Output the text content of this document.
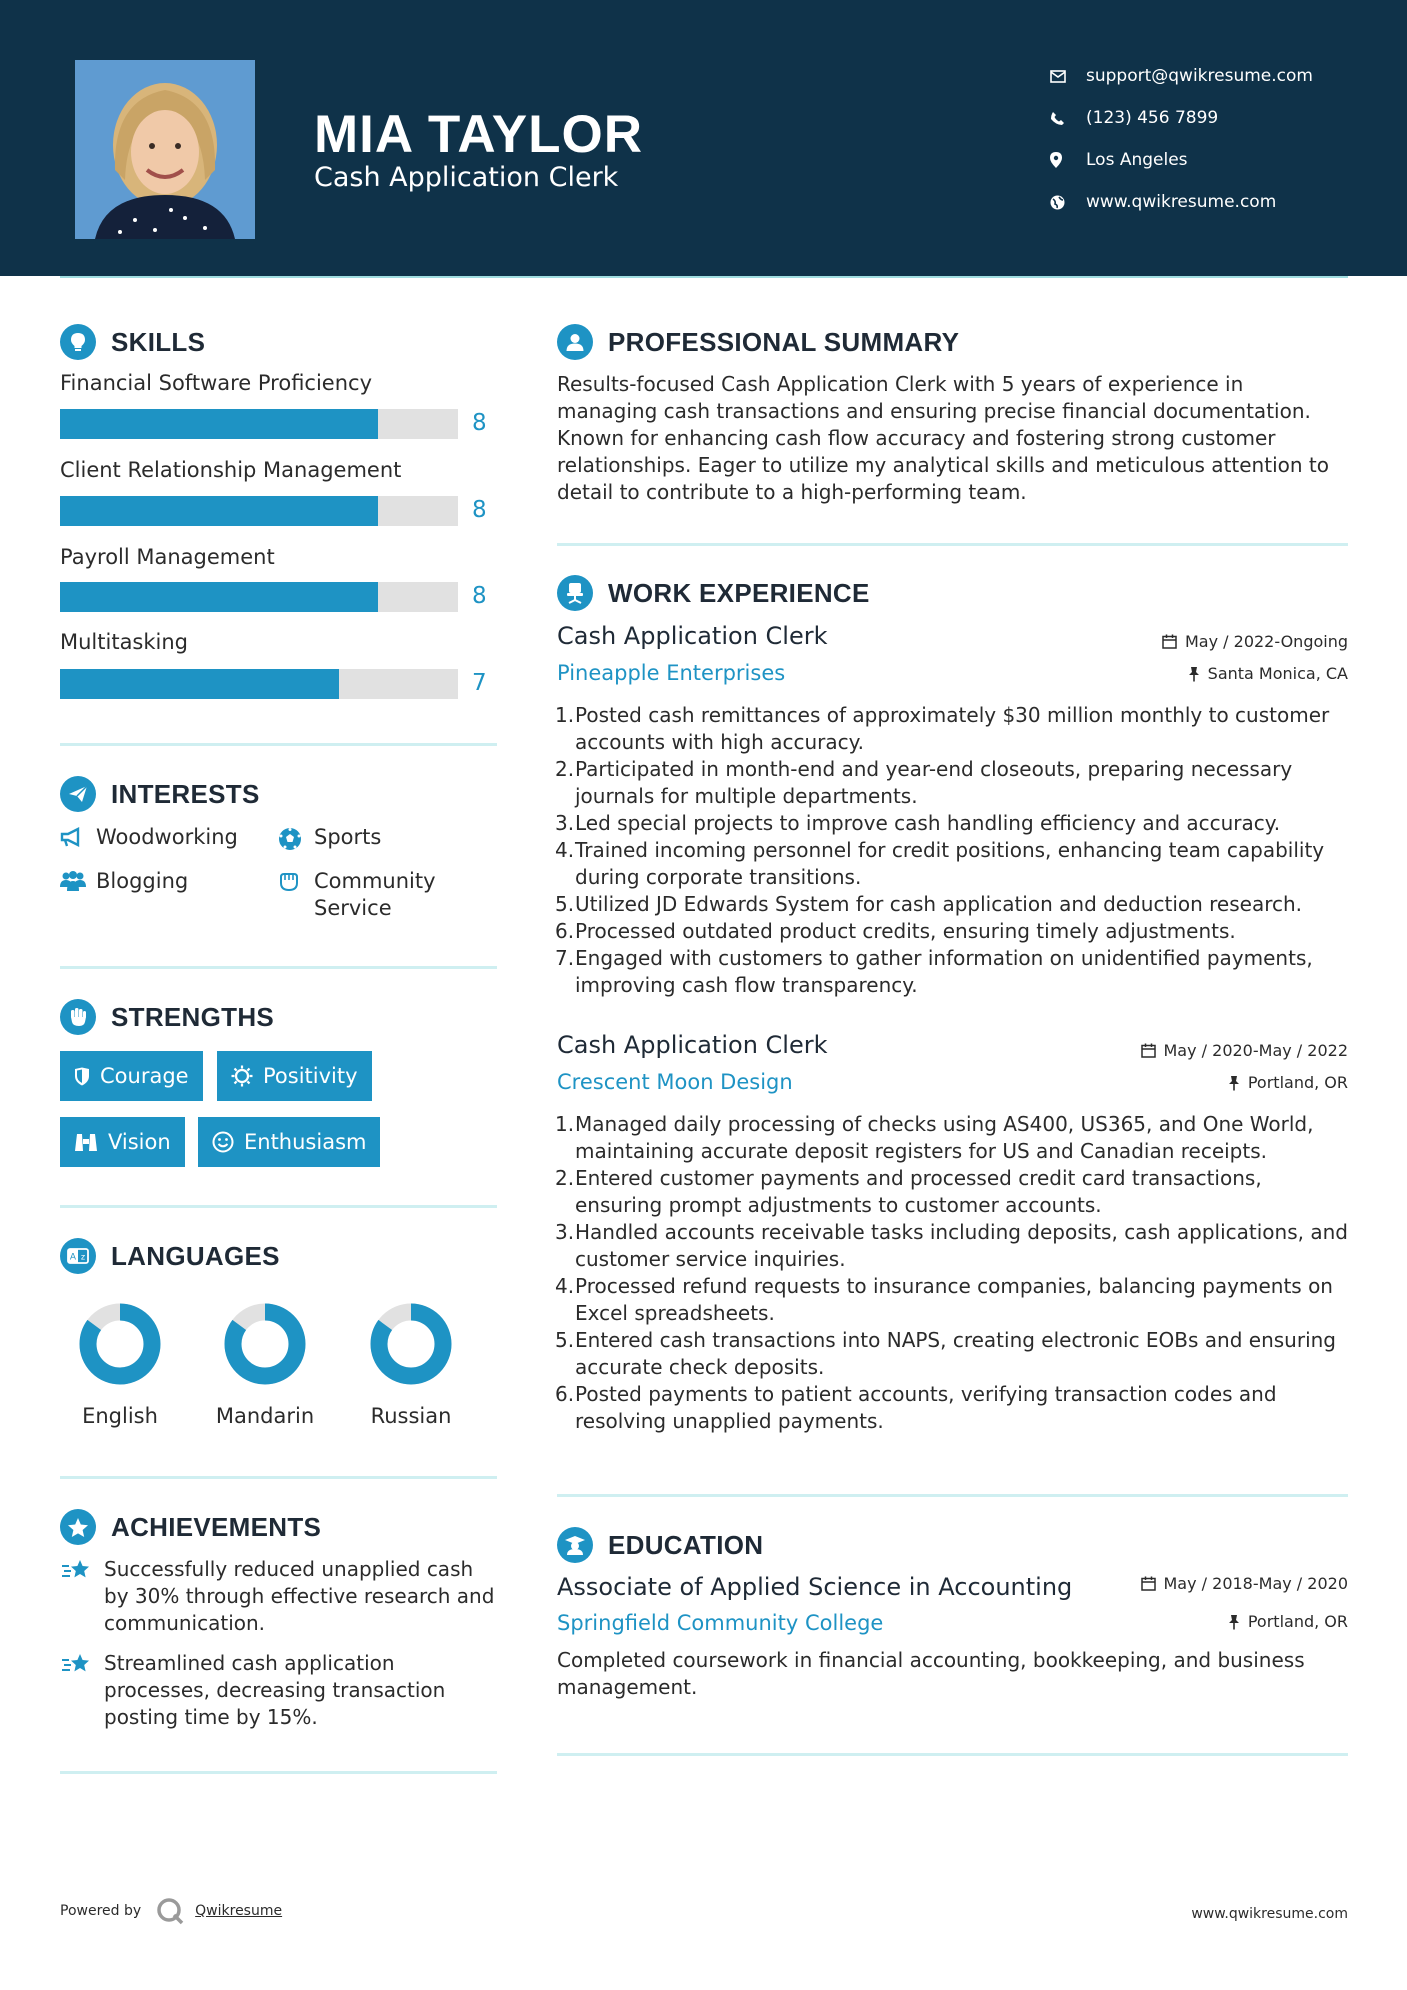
MIA TAYLOR
Cash Application Clerk
support@qwikresume.com
(123) 456 7899
Los Angeles
www.qwikresume.com
SKILLS
Financial Software Proficiency
8
Client Relationship Management
8
Payroll Management
8
Multitasking
7
INTERESTS
Woodworking	Sports
Blogging	Community Service
STRENGTHS
Courage	Positivity
Vision	Enthusiasm
A z LANGUAGES
English	Mandarin	Russian
ACHIEVEMENTS
Successfully reduced unapplied cash by 30% through effective research and communication.
Streamlined cash application processes, decreasing transaction posting time by 15%.
PROFESSIONAL SUMMARY
Results-focused Cash Application Clerk with 5 years of experience in managing cash transactions and ensuring precise financial documentation. Known for enhancing cash flow accuracy and fostering strong customer relationships. Eager to utilize my analytical skills and meticulous attention to detail to contribute to a high-performing team.
WORK EXPERIENCE
Cash Application Clerk	May / 2022-Ongoing
Pineapple Enterprises	Santa Monica, CA
1. Posted cash remittances of approximately $30 million monthly to customer accounts with high accuracy.
2. Participated in month-end and year-end closeouts, preparing necessary journals for multiple departments.
3. Led special projects to improve cash handling efficiency and accuracy.
4. Trained incoming personnel for credit positions, enhancing team capability during corporate transitions.
5. Utilized JD Edwards System for cash application and deduction research.
6. Processed outdated product credits, ensuring timely adjustments.
7. Engaged with customers to gather information on unidentified payments, improving cash flow transparency.
Cash Application Clerk	May / 2020-May / 2022
Crescent Moon Design	Portland, OR
1. Managed daily processing of checks using AS400, US365, and One World, maintaining accurate deposit registers for US and Canadian receipts.
2. Entered customer payments and processed credit card transactions, ensuring prompt adjustments to customer accounts.
3. Handled accounts receivable tasks including deposits, cash applications, and customer service inquiries.
4. Processed refund requests to insurance companies, balancing payments on Excel spreadsheets.
5. Entered cash transactions into NAPS, creating electronic EOBs and ensuring accurate check deposits.
6. Posted payments to patient accounts, verifying transaction codes and resolving unapplied payments.
EDUCATION
Associate of Applied Science in Accounting	May / 2018-May / 2020
Springfield Community College	Portland, OR
Completed coursework in financial accounting, bookkeeping, and business management.
Powered by	Qwikresume	www.qwikresume.com
